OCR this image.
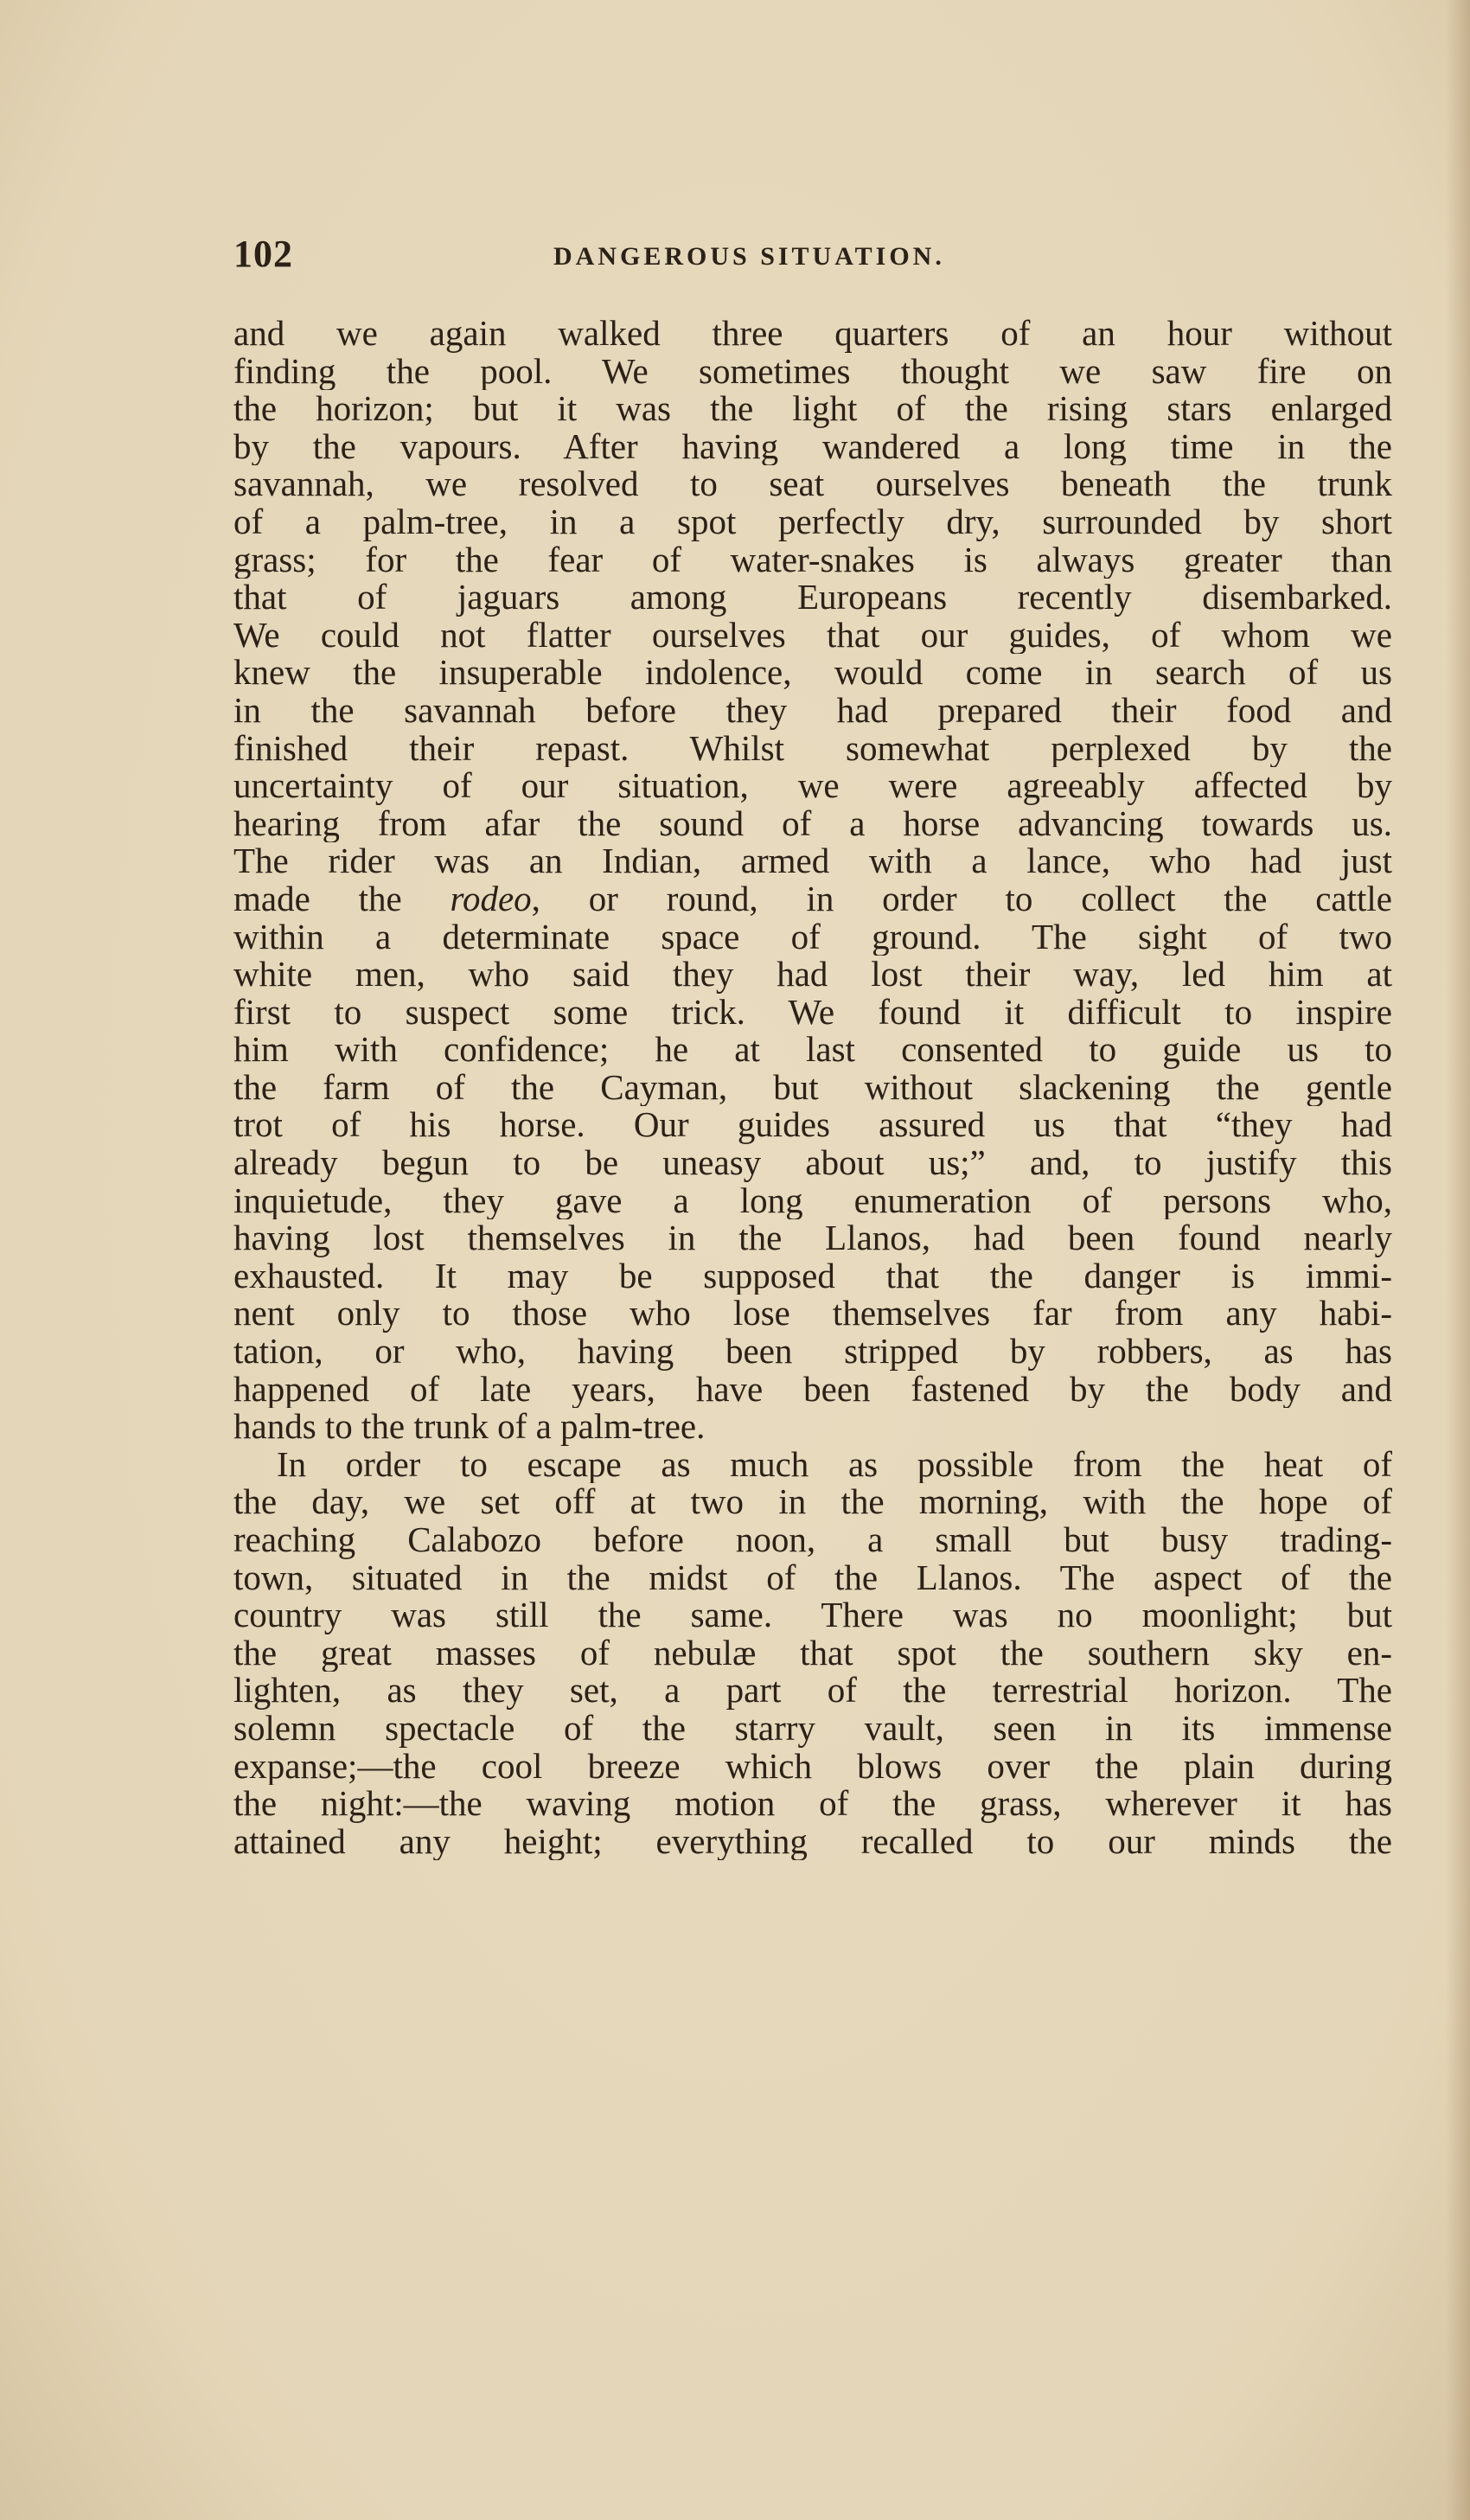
102	DANGEROUS SITUATION.
and we again walked three quarters of an hour without
finding the pool. We sometimes thought we saw fire on
the horizon; but it was the light of the rising stars enlarged
by the vapours. After having wandered a long time in the
savannah, we resolved to seat ourselves beneath the trunk
of a palm-tree, in a spot perfectly dry, surrounded by short
grass; for the fear of water-snakes is always greater than
that of jaguars among Europeans recently disembarked.
We could not flatter ourselves that our guides, of whom we
knew the insuperable indolence, would come in search of us
in the savannah before they had prepared their food and
finished their repast. Whilst somewhat perplexed by the
uncertainty of our situation, we were agreeably affected by
hearing from afar the sound of a horse advancing towards us.
The rider was an Indian, armed with a lance, who had just
made the rodeo, or round, in order to collect the cattle
within a determinate space of ground. The sight of two
white men, who said they had lost their way, led him at
first to suspect some trick. We found it difficult to inspire
him with confidence; he at last consented to guide us to
the farm of the Cayman, but without slackening the gentle
trot of his horse. Our guides assured us that “they had
already begun to be uneasy about us;” and, to justify this
inquietude, they gave a long enumeration of persons who,
having lost themselves in the Llanos, had been found nearly
exhausted. It may be supposed that the danger is immi-
nent only to those who lose themselves far from any habi-
tation, or who, having been stripped by robbers, as has
happened of late years, have been fastened by the body and
hands to the trunk of a palm-tree.
In order to escape as much as possible from the heat of
the day, we set off at two in the morning, with the hope of
reaching Calabozo before noon, a small but busy trading-
town, situated in the midst of the Llanos. The aspect of the
country was still the same. There was no moonlight; but
the great masses of nebulæ that spot the southern sky en-
lighten, as they set, a part of the terrestrial horizon. The
solemn spectacle of the starry vault, seen in its immense
expanse;—the cool breeze which blows over the plain during
the night:—the waving motion of the grass, wherever it has
attained any height; everything recalled to our minds the
